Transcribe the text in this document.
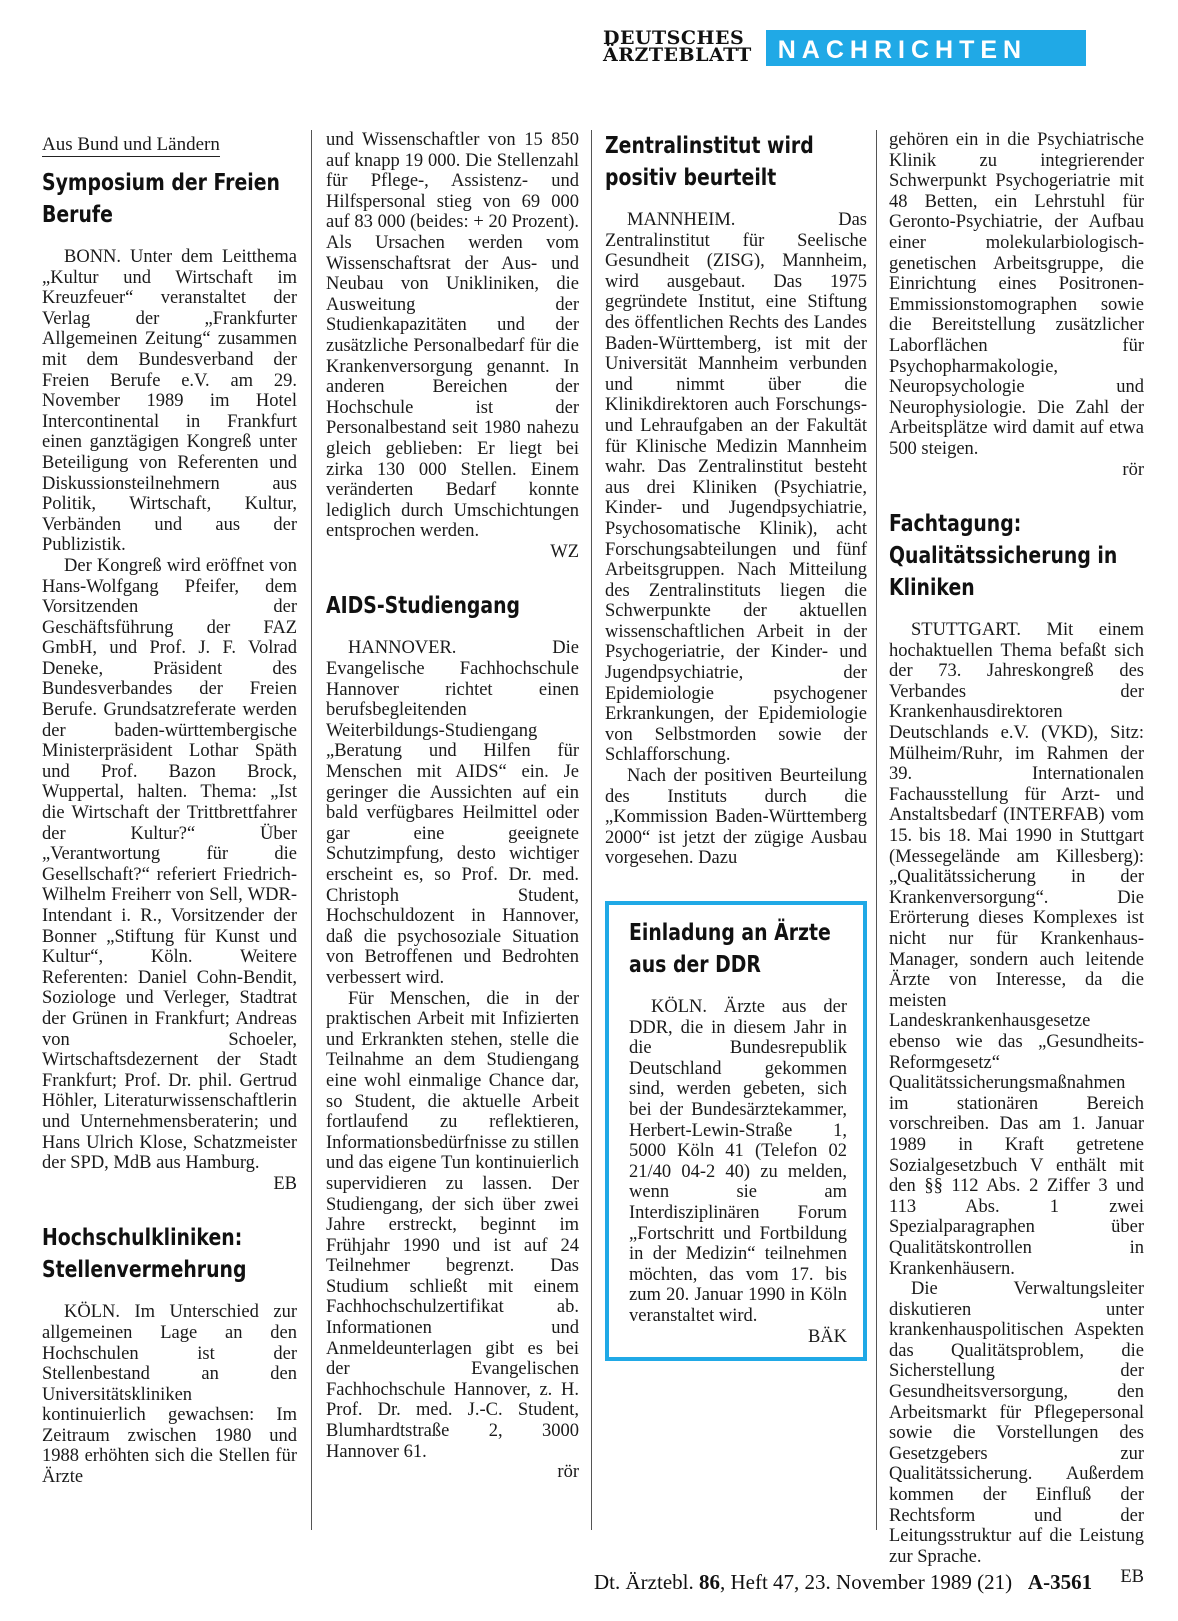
DEUTSCHES
ÄRZTEBLATT	NACHRICHTEN
Aus Bund und Ländern
Symposium der Freien Berufe

BONN. Unter dem Leitthema „Kultur und Wirtschaft im Kreuzfeuer“ veranstaltet der Verlag der „Frankfurter Allgemeinen Zeitung“ zusammen mit dem Bundesverband der Freien Berufe e.V. am 29. November 1989 im Hotel Intercontinental in Frankfurt einen ganztägigen Kongreß unter Beteiligung von Referenten und Diskussionsteilnehmern aus Politik, Wirtschaft, Kultur, Verbänden und aus der Publizistik.

Der Kongreß wird eröffnet von Hans-Wolfgang Pfeifer, dem Vorsitzenden der Geschäftsführung der FAZ GmbH, und Prof. J. F. Volrad Deneke, Präsident des Bundesverbandes der Freien Berufe. Grundsatzreferate werden der baden-württembergische Ministerpräsident Lothar Späth und Prof. Bazon Brock, Wuppertal, halten. Thema: „Ist die Wirtschaft der Trittbrettfahrer der Kultur?“ Über „Verantwortung für die Gesellschaft?“ referiert Friedrich-Wilhelm Freiherr von Sell, WDR-Intendant i. R., Vorsitzender der Bonner „Stiftung für Kunst und Kultur“, Köln. Weitere Referenten: Daniel Cohn-Bendit, Soziologe und Verleger, Stadtrat der Grünen in Frankfurt; Andreas von Schoeler, Wirtschaftsdezernent der Stadt Frankfurt; Prof. Dr. phil. Gertrud Höhler, Literaturwissenschaftlerin und Unternehmensberaterin; und Hans Ulrich Klose, Schatzmeister der SPD, MdB aus Hamburg.

EB
Hochschulkliniken: Stellenvermehrung

KÖLN. Im Unterschied zur allgemeinen Lage an den Hochschulen ist der Stellenbestand an den Universitätskliniken kontinuierlich gewachsen: Im Zeitraum zwischen 1980 und 1988 erhöhten sich die Stellen für Ärzte

und Wissenschaftler von 15 850 auf knapp 19 000. Die Stellenzahl für Pflege-, Assistenz- und Hilfspersonal stieg von 69 000 auf 83 000 (beides: + 20 Prozent). Als Ursachen werden vom Wissenschaftsrat der Aus- und Neubau von Unikliniken, die Ausweitung der Studienkapazitäten und der zusätzliche Personalbedarf für die Krankenversorgung genannt. In anderen Bereichen der Hochschule ist der Personalbestand seit 1980 nahezu gleich geblieben: Er liegt bei zirka 130 000 Stellen. Einem veränderten Bedarf konnte lediglich durch Umschichtungen entsprochen werden.

WZ
AIDS-Studiengang

HANNOVER. Die Evangelische Fachhochschule Hannover richtet einen berufsbegleitenden Weiterbildungs-Studiengang „Beratung und Hilfen für Menschen mit AIDS“ ein. Je geringer die Aussichten auf ein bald verfügbares Heilmittel oder gar eine geeignete Schutzimpfung, desto wichtiger erscheint es, so Prof. Dr. med. Christoph Student, Hochschuldozent in Hannover, daß die psychosoziale Situation von Betroffenen und Bedrohten verbessert wird.

Für Menschen, die in der praktischen Arbeit mit Infizierten und Erkrankten stehen, stelle die Teilnahme an dem Studiengang eine wohl einmalige Chance dar, so Student, die aktuelle Arbeit fortlaufend zu reflektieren, Informationsbedürfnisse zu stillen und das eigene Tun kontinuierlich supervidieren zu lassen. Der Studiengang, der sich über zwei Jahre erstreckt, beginnt im Frühjahr 1990 und ist auf 24 Teilnehmer begrenzt. Das Studium schließt mit einem Fachhochschulzertifikat ab. Informationen und Anmeldeunterlagen gibt es bei der Evangelischen Fachhochschule Hannover, z. H. Prof. Dr. med. J.-C. Student, Blumhardtstraße 2, 3000 Hannover 61.

rör
Zentralinstitut wird positiv beurteilt

MANNHEIM. Das Zentralinstitut für Seelische Gesundheit (ZISG), Mannheim, wird ausgebaut. Das 1975 gegründete Institut, eine Stiftung des öffentlichen Rechts des Landes Baden-Württemberg, ist mit der Universität Mannheim verbunden und nimmt über die Klinikdirektoren auch Forschungs- und Lehraufgaben an der Fakultät für Klinische Medizin Mannheim wahr. Das Zentralinstitut besteht aus drei Kliniken (Psychiatrie, Kinder- und Jugendpsychiatrie, Psychosomatische Klinik), acht Forschungsabteilungen und fünf Arbeitsgruppen. Nach Mitteilung des Zentralinstituts liegen die Schwerpunkte der aktuellen wissenschaftlichen Arbeit in der Psychogeriatrie, der Kinder- und Jugendpsychiatrie, der Epidemiologie psychogener Erkrankungen, der Epidemiologie von Selbstmorden sowie der Schlafforschung.

Nach der positiven Beurteilung des Instituts durch die „Kommission Baden-Württemberg 2000“ ist jetzt der zügige Ausbau vorgesehen. Dazu

Einladung an Ärzte aus der DDR

KÖLN. Ärzte aus der DDR, die in diesem Jahr in die Bundesrepublik Deutschland gekommen sind, werden gebeten, sich bei der Bundesärztekammer, Herbert-Lewin-Straße 1, 5000 Köln 41 (Telefon 02 21/40 04-2 40) zu melden, wenn sie am Interdisziplinären Forum „Fortschritt und Fortbildung in der Medizin“ teilnehmen möchten, das vom 17. bis zum 20. Januar 1990 in Köln veranstaltet wird.

BÄK

gehören ein in die Psychiatrische Klinik zu integrierender Schwerpunkt Psychogeriatrie mit 48 Betten, ein Lehrstuhl für Geronto-Psychiatrie, der Aufbau einer molekularbiologisch-genetischen Arbeitsgruppe, die Einrichtung eines Positronen-Emmissionstomographen sowie die Bereitstellung zusätzlicher Laborflächen für Psychopharmakologie, Neuropsychologie und Neurophysiologie. Die Zahl der Arbeitsplätze wird damit auf etwa 500 steigen.

rör
Fachtagung: Qualitätssicherung in Kliniken

STUTTGART. Mit einem hochaktuellen Thema befaßt sich der 73. Jahreskongreß des Verbandes der Krankenhausdirektoren Deutschlands e.V. (VKD), Sitz: Mülheim/Ruhr, im Rahmen der 39. Internationalen Fachausstellung für Arzt- und Anstaltsbedarf (INTERFAB) vom 15. bis 18. Mai 1990 in Stuttgart (Messegelände am Killesberg): „Qualitätssicherung in der Krankenversorgung“. Die Erörterung dieses Komplexes ist nicht nur für Krankenhaus-Manager, sondern auch leitende Ärzte von Interesse, da die meisten Landeskrankenhausgesetze ebenso wie das „Gesundheits-Reformgesetz“ Qualitätssicherungsmaßnahmen im stationären Bereich vorschreiben. Das am 1. Januar 1989 in Kraft getretene Sozialgesetzbuch V enthält mit den §§ 112 Abs. 2 Ziffer 3 und 113 Abs. 1 zwei Spezialparagraphen über Qualitätskontrollen in Krankenhäusern.

Die Verwaltungsleiter diskutieren unter krankenhauspolitischen Aspekten das Qualitätsproblem, die Sicherstellung der Gesundheitsversorgung, den Arbeitsmarkt für Pflegepersonal sowie die Vorstellungen des Gesetzgebers zur Qualitätssicherung. Außerdem kommen der Einfluß der Rechtsform und der Leitungsstruktur auf die Leistung zur Sprache.

EB
Dt. Ärztebl. 86, Heft 47, 23. November 1989 (21) A-3561
